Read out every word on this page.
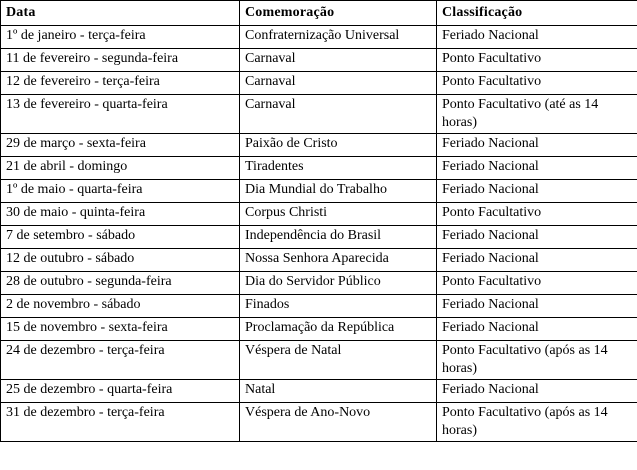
Data	Comemoração	Classificação
1º de janeiro - terça-feira	Confraternização Universal	Feriado Nacional
11 de fevereiro - segunda-feira	Carnaval	Ponto Facultativo
12 de fevereiro - terça-feira	Carnaval	Ponto Facultativo
13 de fevereiro - quarta-feira	Carnaval	Ponto Facultativo (até as 14 horas)
29 de março - sexta-feira	Paixão de Cristo	Feriado Nacional
21 de abril - domingo	Tiradentes	Feriado Nacional
1º de maio - quarta-feira	Dia Mundial do Trabalho	Feriado Nacional
30 de maio - quinta-feira	Corpus Christi	Ponto Facultativo
7 de setembro - sábado	Independência do Brasil	Feriado Nacional
12 de outubro - sábado	Nossa Senhora Aparecida	Feriado Nacional
28 de outubro - segunda-feira	Dia do Servidor Público	Ponto Facultativo
2 de novembro - sábado	Finados	Feriado Nacional
15 de novembro - sexta-feira	Proclamação da República	Feriado Nacional
24 de dezembro - terça-feira	Véspera de Natal	Ponto Facultativo (após as 14 horas)
25 de dezembro - quarta-feira	Natal	Feriado Nacional
31 de dezembro - terça-feira	Véspera de Ano-Novo	Ponto Facultativo (após as 14 horas)
